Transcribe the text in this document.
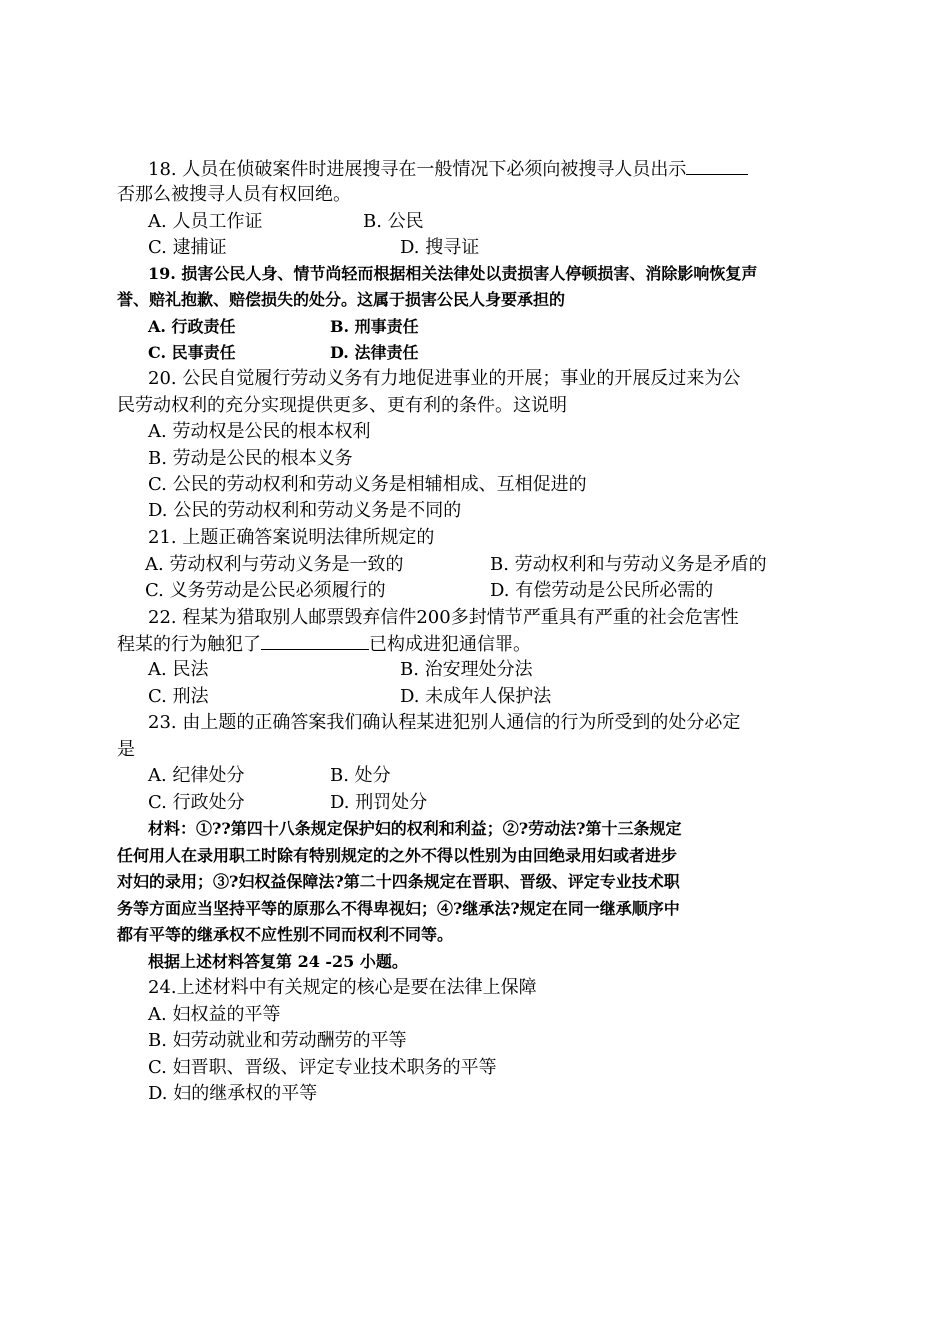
18. 人员在侦破案件时进展搜寻在一般情况下必须向被搜寻人员出示
否那么被搜寻人员有权回绝。
A. 人员工作证	B. 公民
C. 逮捕证	D. 搜寻证
19. 损害公民人身、情节尚轻而根据相关法律处以责损害人停顿损害、消除影响恢复声
誉、赔礼抱歉、赔偿损失的处分。这属于损害公民人身要承担的
A. 行政责任	B. 刑事责任
C. 民事责任	D. 法律责任
20. 公民自觉履行劳动义务有力地促进事业的开展；事业的开展反过来为公
民劳动权利的充分实现提供更多、更有利的条件。这说明
A. 劳动权是公民的根本权利
B. 劳动是公民的根本义务
C. 公民的劳动权利和劳动义务是相辅相成、互相促进的
D. 公民的劳动权利和劳动义务是不同的
21. 上题正确答案说明法律所规定的
A. 劳动权利与劳动义务是一致的	B. 劳动权利和与劳动义务是矛盾的
C. 义务劳动是公民必须履行的	D. 有偿劳动是公民所必需的
22. 程某为猎取别人邮票毁弃信件200多封情节严重具有严重的社会危害性
程某的行为触犯了	已构成进犯通信罪。
A. 民法	B. 治安理处分法
C. 刑法	D. 未成年人保护法
23. 由上题的正确答案我们确认程某进犯别人通信的行为所受到的处分必定
是
A. 纪律处分	B. 处分
C. 行政处分	D. 刑罚处分
材料：①??第四十八条规定保护妇的权利和利益；②?劳动法?第十三条规定
任何用人在录用职工时除有特别规定的之外不得以性别为由回绝录用妇或者进步
对妇的录用；③?妇权益保障法?第二十四条规定在晋职、晋级、评定专业技术职
务等方面应当坚持平等的原那么不得卑视妇；④?继承法?规定在同一继承顺序中
都有平等的继承权不应性别不同而权利不同等。
根据上述材料答复第 24 -25 小题。
24.上述材料中有关规定的核心是要在法律上保障
A. 妇权益的平等
B. 妇劳动就业和劳动酬劳的平等
C. 妇晋职、晋级、评定专业技术职务的平等
D. 妇的继承权的平等
